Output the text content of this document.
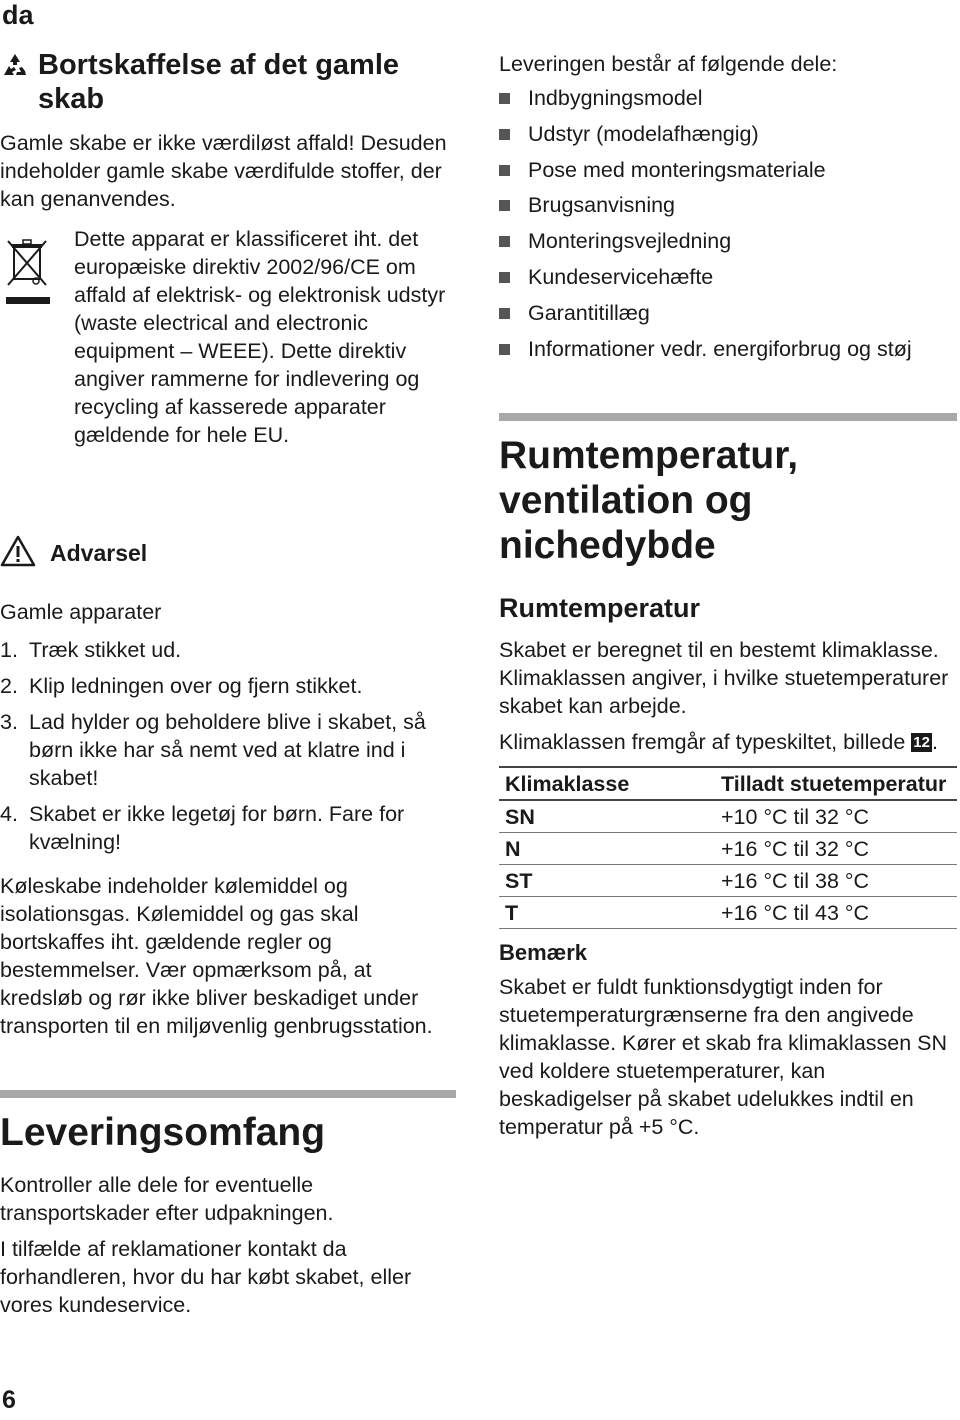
da
Bortskaffelse af det gamle skab

Gamle skabe er ikke værdiløst affald! Desuden indeholder gamle skabe værdifulde stoffer, der kan genanvendes.

Dette apparat er klassificeret iht. det europæiske direktiv 2002/96/CE om affald af elektrisk- og elektronisk udstyr (waste electrical and electronic equipment – WEEE). Dette direktiv angiver rammerne for indlevering og recycling af kasserede apparater gældende for hele EU.

Advarsel

Gamle apparater

1. Træk stikket ud.
2. Klip ledningen over og fjern stikket.
3. Lad hylder og beholdere blive i skabet, så børn ikke har så nemt ved at klatre ind i skabet!
4. Skabet er ikke legetøj for børn. Fare for kvælning!

Køleskabe indeholder kølemiddel og isolationsgas. Kølemiddel og gas skal bortskaffes iht. gældende regler og bestemmelser. Vær opmærksom på, at kredsløb og rør ikke bliver beskadiget under transporten til en miljøvenlig genbrugsstation.

Leveringsomfang

Kontroller alle dele for eventuelle transportskader efter udpakningen.

I tilfælde af reklamationer kontakt da forhandleren, hvor du har købt skabet, eller vores kundeservice.

Leveringen består af følgende dele:

Indbygningsmodel
Udstyr (modelafhængig)
Pose med monteringsmateriale
Brugsanvisning
Monteringsvejledning
Kundeservicehæfte
Garantitillæg
Informationer vedr. energiforbrug og støj
Rumtemperatur, ventilation og nichedybde
Rumtemperatur

Skabet er beregnet til en bestemt klimaklasse. Klimaklassen angiver, i hvilke stuetemperaturer skabet kan arbejde.

Klimaklassen fremgår af typeskiltet, billede 12.

Klimaklasse	Tilladt stuetemperatur
SN	+10 °C til 32 °C
N	+16 °C til 32 °C
ST	+16 °C til 38 °C
T	+16 °C til 43 °C

Bemærk

Skabet er fuldt funktionsdygtigt inden for stuetemperaturgrænserne fra den angivede klimaklasse. Kører et skab fra klimaklassen SN ved koldere stuetemperaturer, kan beskadigelser på skabet udelukkes indtil en temperatur på +5 °C.

6
